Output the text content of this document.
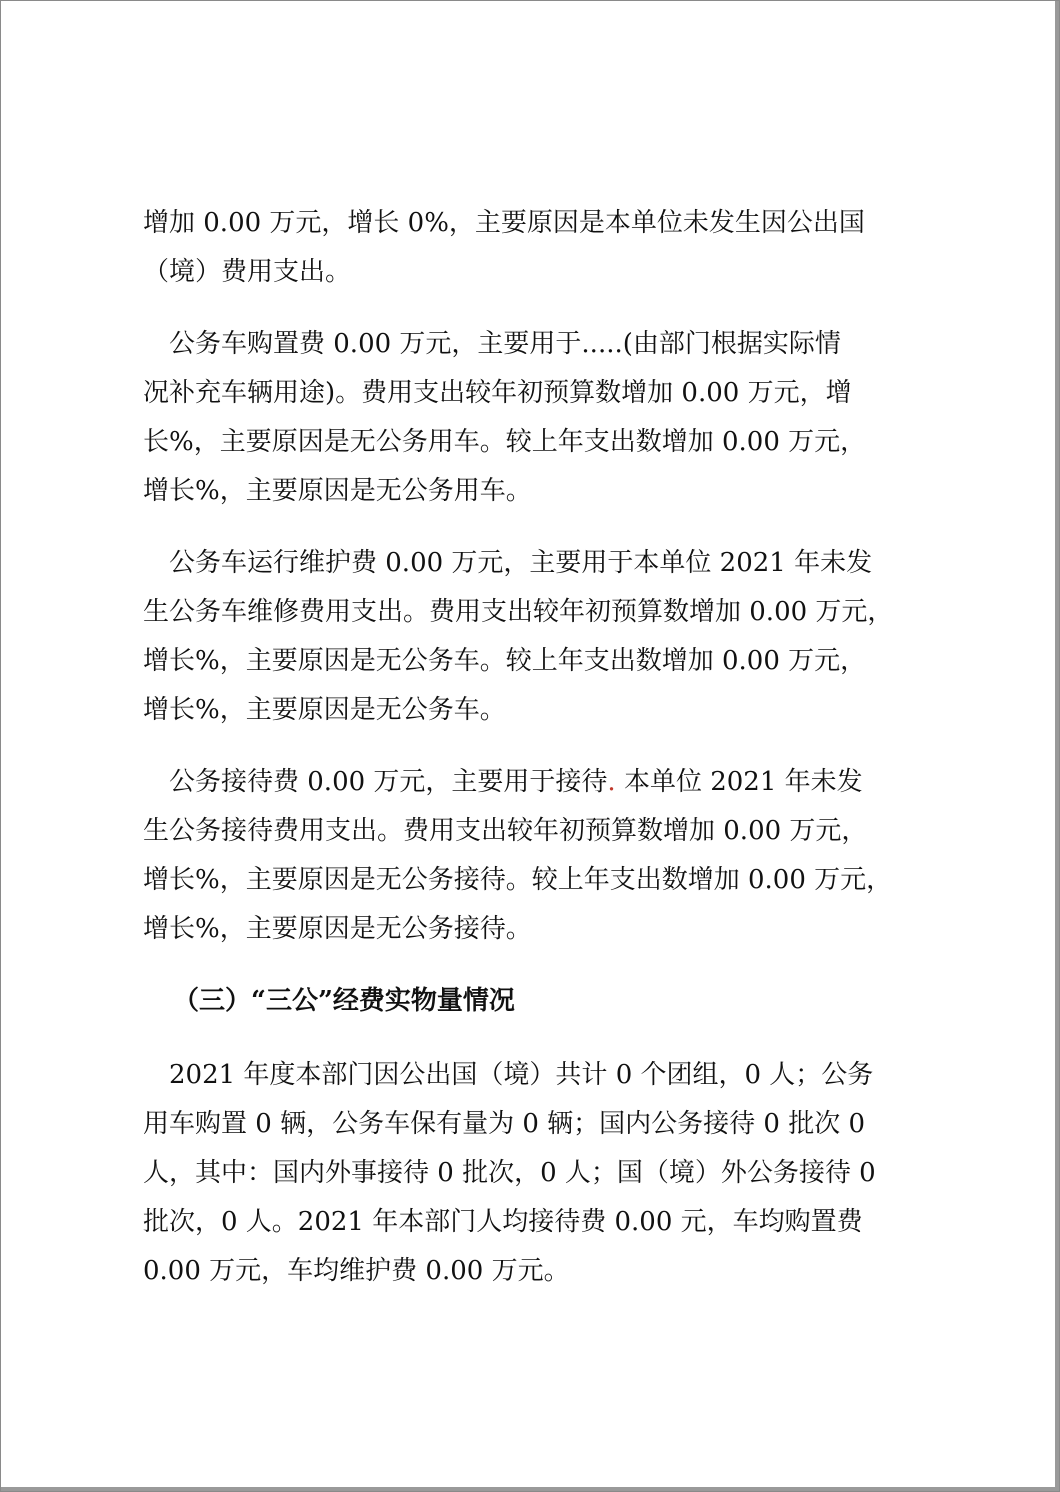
增加 0.00 万元，增长 0%，主要原因是本单位未发生因公出国
（境）费用支出。

公务车购置费 0.00 万元，主要用于.....(由部门根据实际情
况补充车辆用途)。费用支出较年初预算数增加 0.00 万元，增
长%，主要原因是无公务用车。较上年支出数增加 0.00 万元，
增长%，主要原因是无公务用车。

公务车运行维护费 0.00 万元，主要用于本单位 2021 年未发
生公务车维修费用支出。费用支出较年初预算数增加 0.00 万元，
增长%，主要原因是无公务车。较上年支出数增加 0.00 万元，
增长%，主要原因是无公务车。

公务接待费 0.00 万元，主要用于接待. 本单位 2021 年未发
生公务接待费用支出。费用支出较年初预算数增加 0.00 万元，
增长%，主要原因是无公务接待。较上年支出数增加 0.00 万元，
增长%，主要原因是无公务接待。

（三）“三公”经费实物量情况

2021 年度本部门因公出国（境）共计 0 个团组，0 人；公务
用车购置 0 辆，公务车保有量为 0 辆；国内公务接待 0 批次 0
人，其中：国内外事接待 0 批次，0 人；国（境）外公务接待 0
批次，0 人。2021 年本部门人均接待费 0.00 元，车均购置费
0.00 万元，车均维护费 0.00 万元。
